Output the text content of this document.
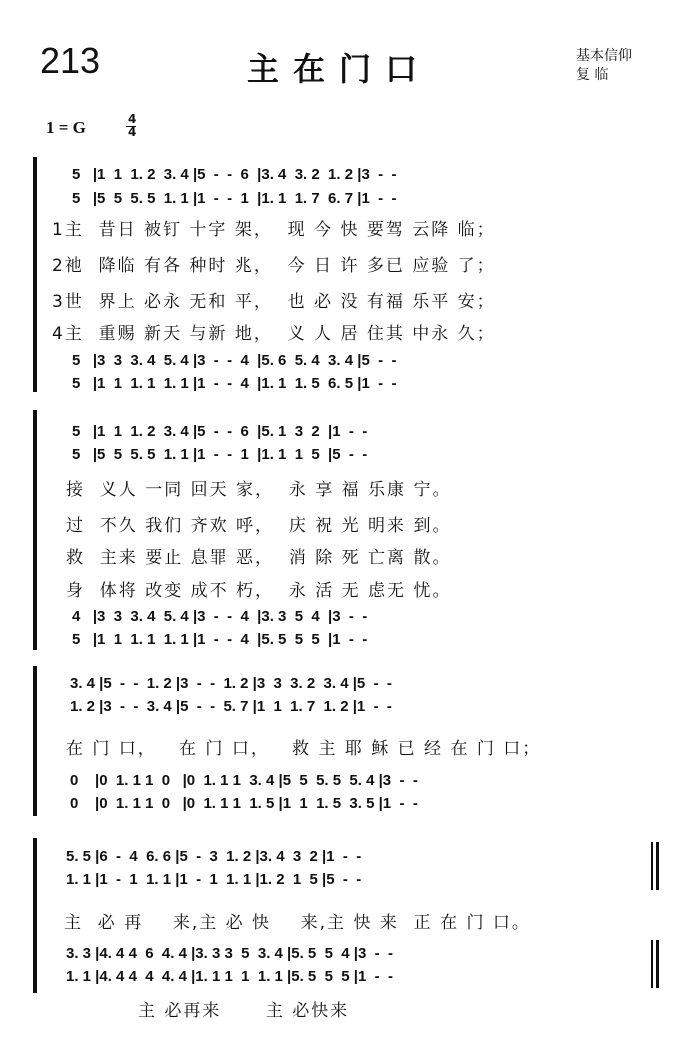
213	主在门口	基本信仰
复 临
1 = G	4
4
5   |1  1  1. 2  3. 4 |5  -  -  6  |3. 4  3. 2  1. 2 |3  -  -
5   |5  5  5. 5  1. 1 |1  -  -  1  |1. 1  1. 7  6. 7 |1  -  -
1主  昔日 被钉 十字 架，  现 今 快 要驾 云降 临；
2祂  降临 有各 种时 兆，  今 日 许 多已 应验 了；
3世  界上 必永 无和 平，  也 必 没 有福 乐平 安；
4主  重赐 新天 与新 地，  义 人 居 住其 中永 久；
5   |3  3  3. 4  5. 4 |3  -  -  4  |5. 6  5. 4  3. 4 |5  -  -
5   |1  1  1. 1  1. 1 |1  -  -  4  |1. 1  1. 5  6. 5 |1  -  -
5   |1  1  1. 2  3. 4 |5  -  -  6  |5. 1  3  2  |1  -  -
5   |5  5  5. 5  1. 1 |1  -  -  1  |1. 1  1  5  |5  -  -
接  义人 一同 回天 家，  永 享 福 乐康 宁。
过  不久 我们 齐欢 呼，  庆 祝 光 明来 到。
救  主来 要止 息罪 恶，  消 除 死 亡离 散。
身  体将 改变 成不 朽，  永 活 无 虑无 忧。
4   |3  3  3. 4  5. 4 |3  -  -  4  |3. 3  5  4  |3  -  -
5   |1  1  1. 1  1. 1 |1  -  -  4  |5. 5  5  5  |1  -  -
3. 4 |5  -  -  1. 2 |3  -  -  1. 2 |3  3  3. 2  3. 4 |5  -  -
1. 2 |3  -  -  3. 4 |5  -  -  5. 7 |1  1  1. 7  1. 2 |1  -  -
在 门 口，   在 门 口，   救 主 耶 稣 已 经 在 门 口；
0    |0  1. 1 1  0   |0  1. 1 1  3. 4 |5  5  5. 5  5. 4 |3  -  -
0    |0  1. 1 1  0   |0  1. 1 1  1. 5 |1  1  1. 5  3. 5 |1  -  -
5. 5 |6  -  4  6. 6 |5  -  3  1. 2 |3. 4  3  2 |1  -  -
1. 1 |1  -  1  1. 1 |1  -  1  1. 1 |1. 2  1  5 |5  -  -
主  必 再    来,主 必 快    来,主 快 来  正 在 门 口。
3. 3 |4. 4 4  6  4. 4 |3. 3 3  5  3. 4 |5. 5  5  4 |3  -  -
1. 1 |4. 4 4  4  4. 4 |1. 1 1  1  1. 1 |5. 5  5  5 |1  -  -
主 必再来      主 必快来
